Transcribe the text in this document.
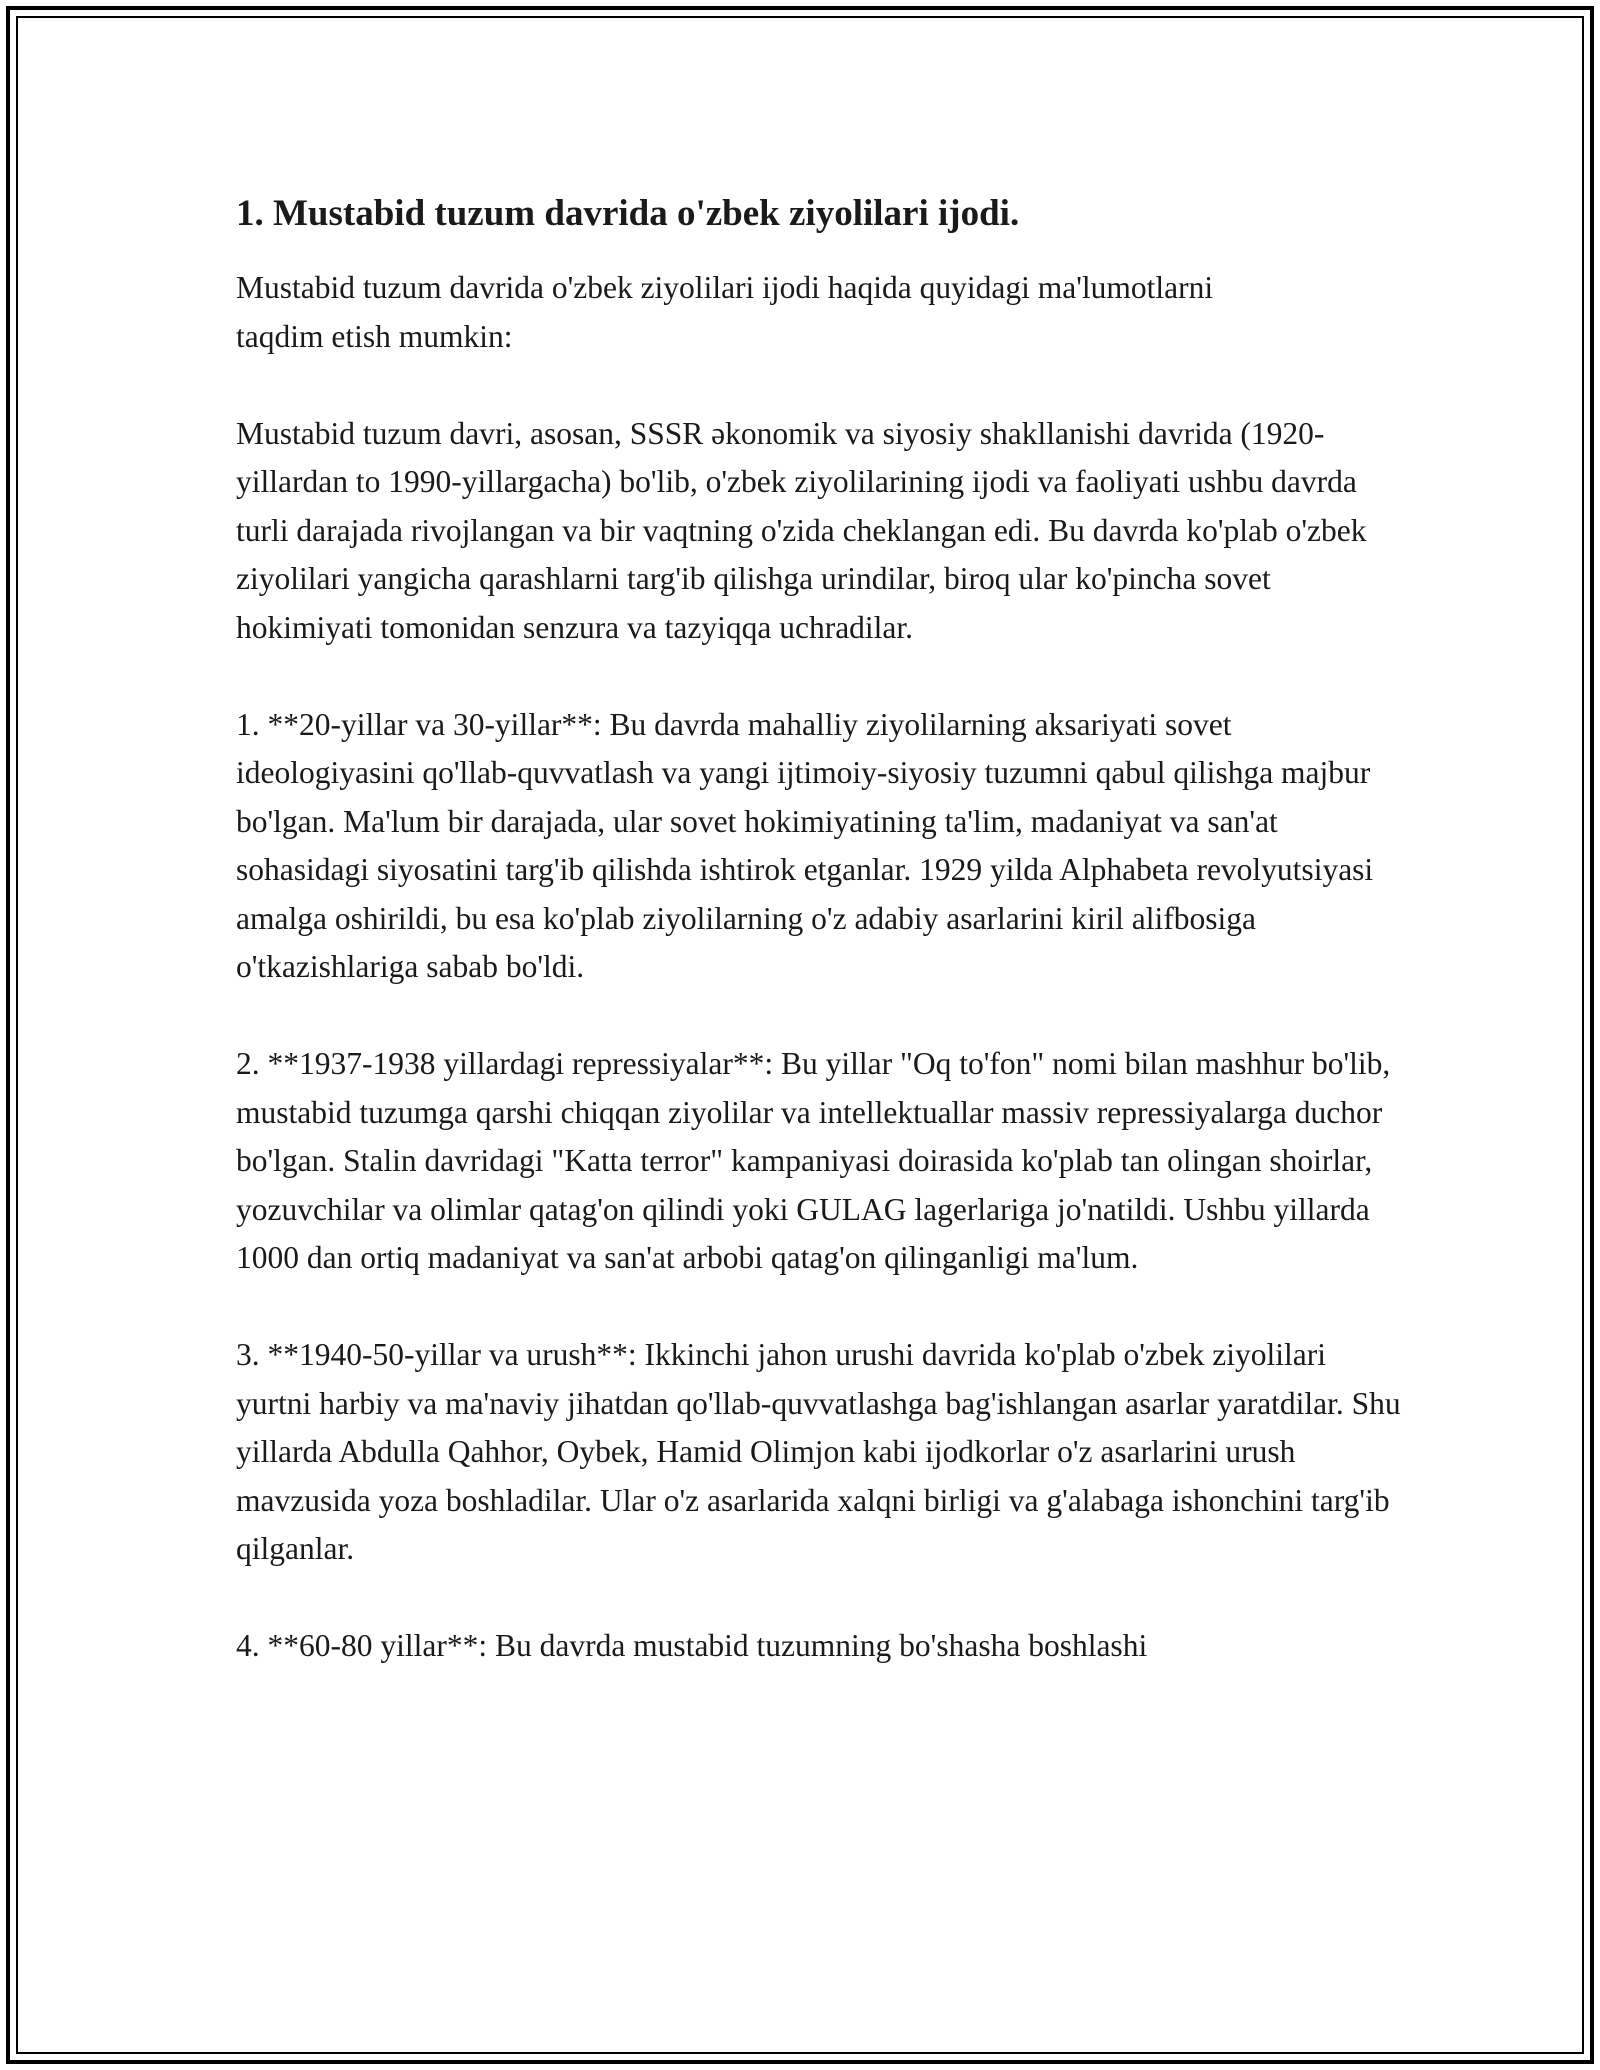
1. Mustabid tuzum davrida o'zbek ziyolilari ijodi.

Mustabid tuzum davrida o'zbek ziyolilari ijodi haqida quyidagi ma'lumotlarni taqdim etish mumkin:

Mustabid tuzum davri, asosan, SSSR əkonomik va siyosiy shakllanishi davrida (1920-yillardan to 1990-yillargacha) bo'lib, o'zbek ziyolilarining ijodi va faoliyati ushbu davrda turli darajada rivojlangan va bir vaqtning o'zida cheklangan edi. Bu davrda ko'plab o'zbek ziyolilari yangicha qarashlarni targ'ib qilishga urindilar, biroq ular ko'pincha sovet hokimiyati tomonidan senzura va tazyiqqa uchradilar.

1. **20-yillar va 30-yillar**: Bu davrda mahalliy ziyolilarning aksariyati sovet ideologiyasini qo'llab-quvvatlash va yangi ijtimoiy-siyosiy tuzumni qabul qilishga majbur bo'lgan. Ma'lum bir darajada, ular sovet hokimiyatining ta'lim, madaniyat va san'at sohasidagi siyosatini targ'ib qilishda ishtirok etganlar. 1929 yilda Alphabeta revolyutsiyasi amalga oshirildi, bu esa ko'plab ziyolilarning o'z adabiy asarlarini kiril alifbosiga o'tkazishlariga sabab bo'ldi.

2. **1937-1938 yillardagi repressiyalar**: Bu yillar "Oq to'fon" nomi bilan mashhur bo'lib, mustabid tuzumga qarshi chiqqan ziyolilar va intellektuallar massiv repressiyalarga duchor bo'lgan. Stalin davridagi "Katta terror" kampaniyasi doirasida ko'plab tan olingan shoirlar, yozuvchilar va olimlar qatag'on qilindi yoki GULAG lagerlariga jo'natildi. Ushbu yillarda 1000 dan ortiq madaniyat va san'at arbobi qatag'on qilinganligi ma'lum.

3. **1940-50-yillar va urush**: Ikkinchi jahon urushi davrida ko'plab o'zbek ziyolilari yurtni harbiy va ma'naviy jihatdan qo'llab-quvvatlashga bag'ishlangan asarlar yaratdilar. Shu yillarda Abdulla Qahhor, Oybek, Hamid Olimjon kabi ijodkorlar o'z asarlarini urush mavzusida yoza boshladilar. Ular o'z asarlarida xalqni birligi va g'alabaga ishonchini targ'ib qilganlar.

4. **60-80 yillar**: Bu davrda mustabid tuzumning bo'shasha boshlashi
